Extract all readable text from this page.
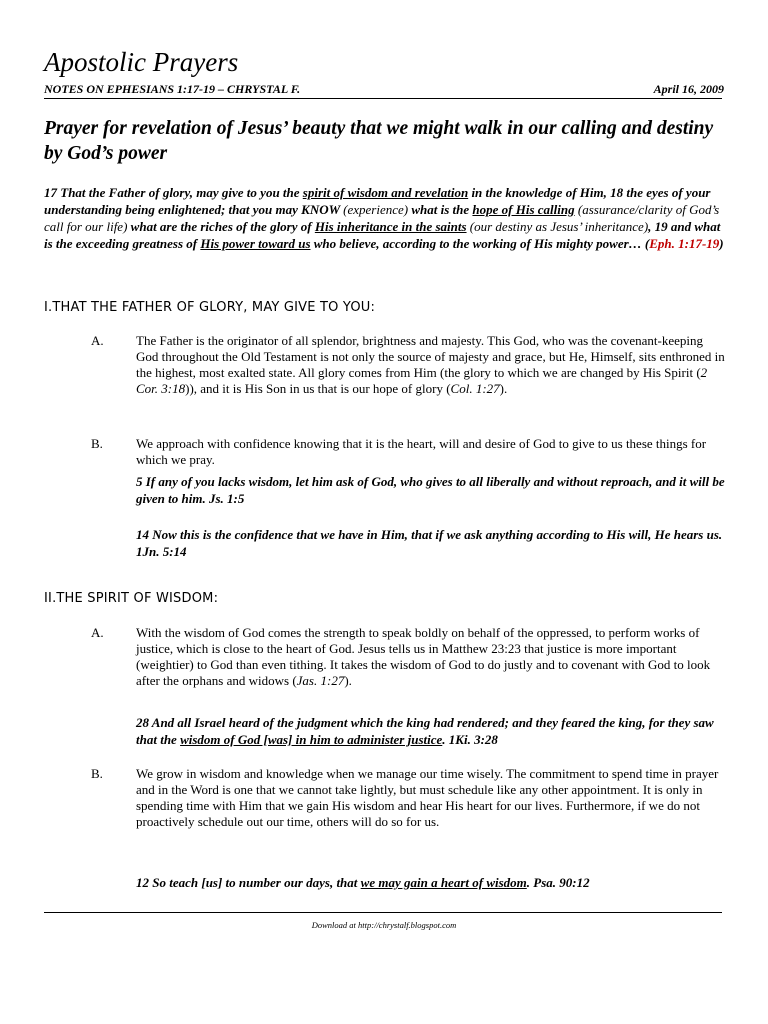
Apostolic Prayers
NOTES ON EPHESIANS 1:17-19 – CHRYSTAL F.	April 16, 2009
Prayer for revelation of Jesus’ beauty that we might walk in our calling and destiny by God’s power
17 That the Father of glory, may give to you the spirit of wisdom and revelation in the knowledge of Him, 18 the eyes of your understanding being enlightened; that you may KNOW (experience) what is the hope of His calling (assurance/clarity of God’s call for our life) what are the riches of the glory of His inheritance in the saints (our destiny as Jesus’ inheritance), 19 and what is the exceeding greatness of His power toward us who believe, according to the working of His mighty power… (Eph. 1:17-19)
I.THAT THE FATHER OF GLORY, MAY GIVE TO YOU:
A. The Father is the originator of all splendor, brightness and majesty. This God, who was the covenant-keeping God throughout the Old Testament is not only the source of majesty and grace, but He, Himself, sits enthroned in the highest, most exalted state. All glory comes from Him (the glory to which we are changed by His Spirit (2 Cor. 3:18)), and it is His Son in us that is our hope of glory (Col. 1:27).
B.	We approach with confidence knowing that it is the heart, will and desire of God to give to us these things for which we pray.
5 If any of you lacks wisdom, let him ask of God, who gives to all liberally and without reproach, and it will be given to him. Js. 1:5
14 Now this is the confidence that we have in Him, that if we ask anything according to His will, He hears us. 1Jn. 5:14
II.THE SPIRIT OF WISDOM:
A. With the wisdom of God comes the strength to speak boldly on behalf of the oppressed, to perform works of justice, which is close to the heart of God. Jesus tells us in Matthew 23:23 that justice is more important (weightier) to God than even tithing. It takes the wisdom of God to do justly and to covenant with God to look after the orphans and widows (Jas. 1:27).
28 And all Israel heard of the judgment which the king had rendered; and they feared the king, for they saw that the wisdom of God [was] in him to administer justice. 1Ki. 3:28
B.	We grow in wisdom and knowledge when we manage our time wisely. The commitment to spend time in prayer and in the Word is one that we cannot take lightly, but must schedule like any other appointment. It is only in spending time with Him that we gain His wisdom and hear His heart for our lives. Furthermore, if we do not proactively schedule out our time, others will do so for us.
12 So teach [us] to number our days, that we may gain a heart of wisdom. Psa. 90:12
Download at http://chrystalf.blogspot.com
